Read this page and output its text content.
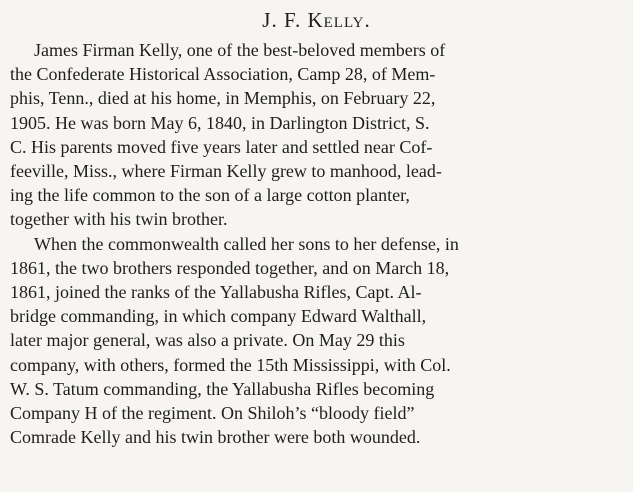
J. F. Kelly.

James Firman Kelly, one of the best-beloved members of
the Confederate Historical Association, Camp 28, of Mem-
phis, Tenn., died at his home, in Memphis, on February 22,
1905. He was born May 6, 1840, in Darlington District, S.
C. His parents moved five years later and settled near Cof-
feeville, Miss., where Firman Kelly grew to manhood, lead-
ing the life common to the son of a large cotton planter,
together with his twin brother.

When the commonwealth called her sons to her defense, in
1861, the two brothers responded together, and on March 18,
1861, joined the ranks of the Yallabusha Rifles, Capt. Al-
bridge commanding, in which company Edward Walthall,
later major general, was also a private. On May 29 this
company, with others, formed the 15th Mississippi, with Col.
W. S. Tatum commanding, the Yallabusha Rifles becoming
Company H of the regiment. On Shiloh’s “bloody field”
Comrade Kelly and his twin brother were both wounded.
